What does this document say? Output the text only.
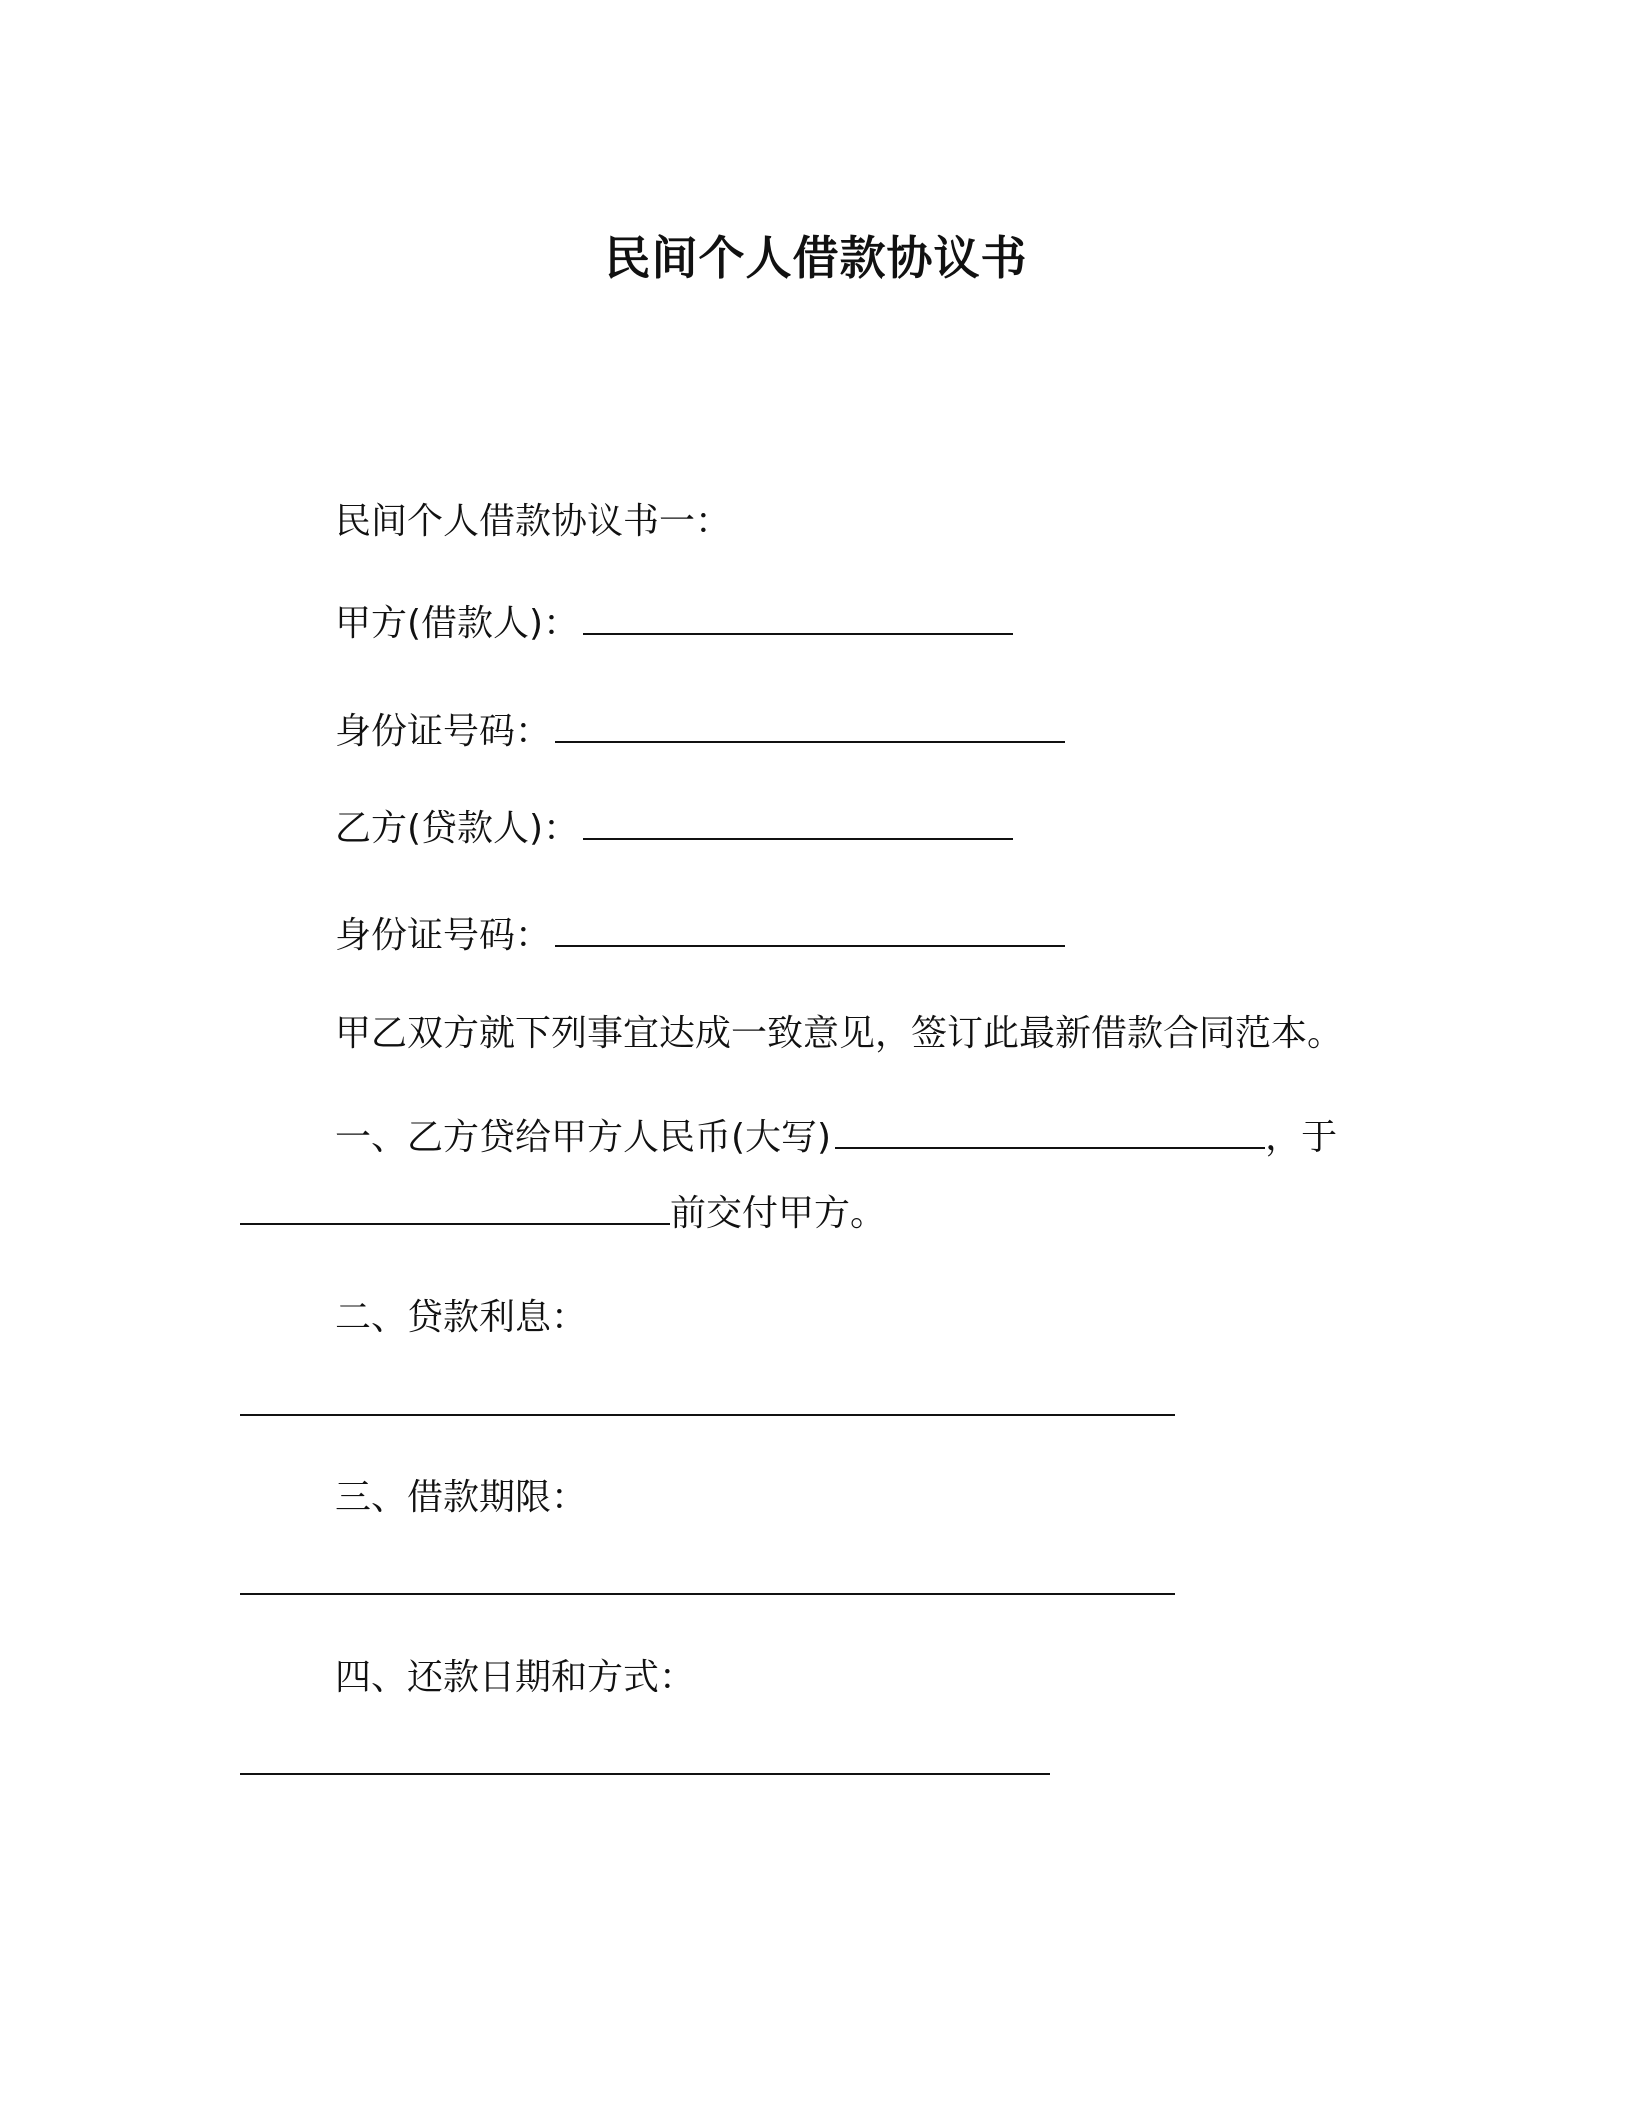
民间个人借款协议书
民间个人借款协议书一：
甲方(借款人)：
身份证号码：
乙方(贷款人)：
身份证号码：
甲乙双方就下列事宜达成一致意见，签订此最新借款合同范本。
一、乙方贷给甲方人民币(大写)	，于
前交付甲方。
二、贷款利息：
三、借款期限：
四、还款日期和方式：
